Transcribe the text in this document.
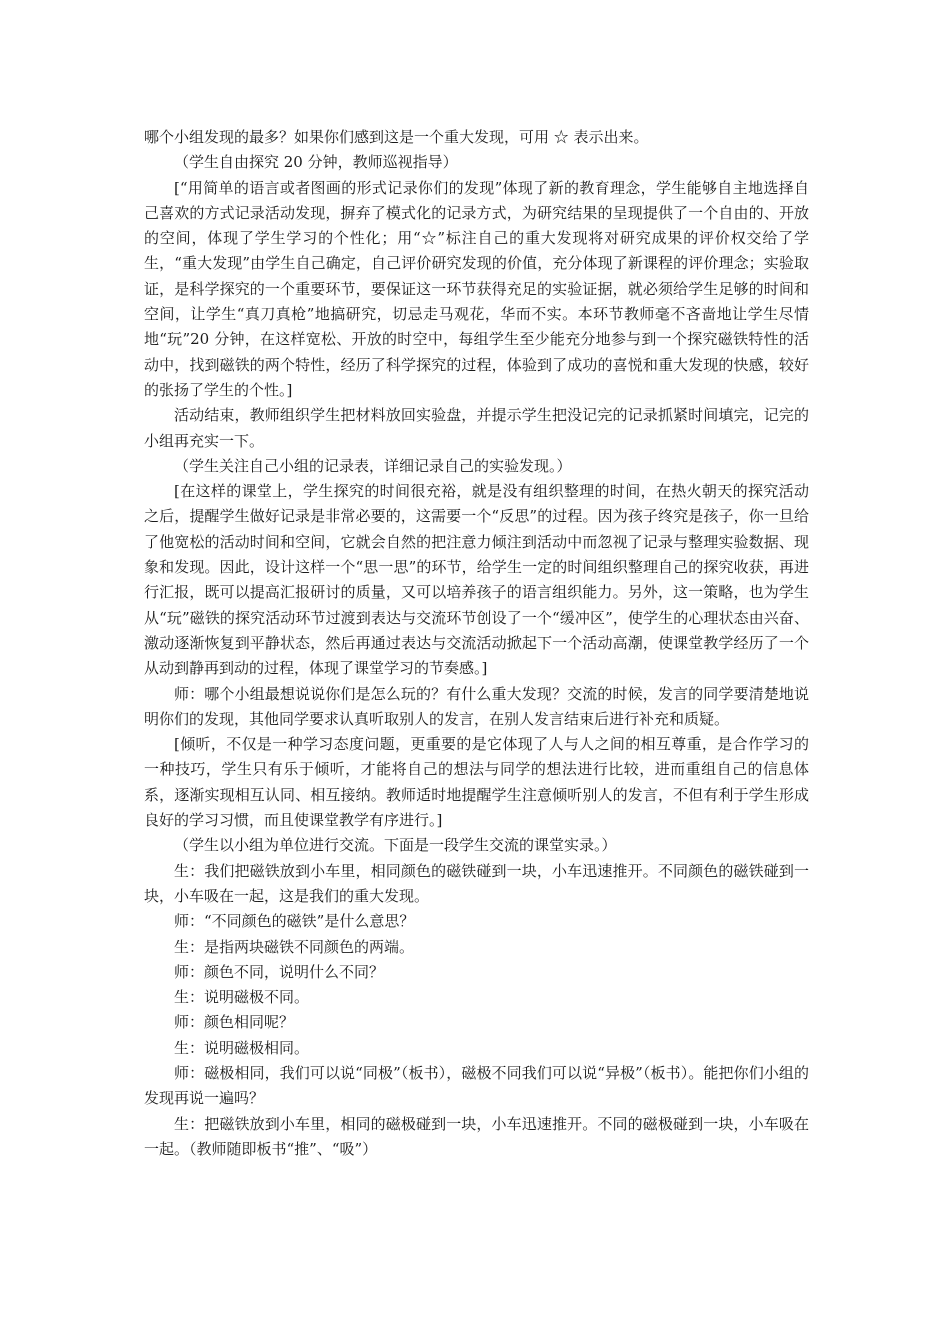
哪个小组发现的最多？如果你们感到这是一个重大发现，可用 ☆ 表示出来。

（学生自由探究 20 分钟，教师巡视指导）

[“用简单的语言或者图画的形式记录你们的发现”体现了新的教育理念，学生能够自主地选择自己喜欢的方式记录活动发现，摒弃了模式化的记录方式，为研究结果的呈现提供了一个自由的、开放的空间，体现了学生学习的个性化；用“☆”标注自己的重大发现将对研究成果的评价权交给了学生，“重大发现”由学生自己确定，自己评价研究发现的价值，充分体现了新课程的评价理念；实验取证，是科学探究的一个重要环节，要保证这一环节获得充足的实验证据，就必须给学生足够的时间和空间，让学生“真刀真枪”地搞研究，切忌走马观花，华而不实。本环节教师毫不吝啬地让学生尽情地“玩”20 分钟，在这样宽松、开放的时空中，每组学生至少能充分地参与到一个探究磁铁特性的活动中，找到磁铁的两个特性，经历了科学探究的过程，体验到了成功的喜悦和重大发现的快感，较好的张扬了学生的个性。]

活动结束，教师组织学生把材料放回实验盘，并提示学生把没记完的记录抓紧时间填完，记完的小组再充实一下。

（学生关注自己小组的记录表，详细记录自己的实验发现。）

[在这样的课堂上，学生探究的时间很充裕，就是没有组织整理的时间，在热火朝天的探究活动之后，提醒学生做好记录是非常必要的，这需要一个“反思”的过程。因为孩子终究是孩子，你一旦给了他宽松的活动时间和空间，它就会自然的把注意力倾注到活动中而忽视了记录与整理实验数据、现象和发现。因此，设计这样一个“思一思”的环节，给学生一定的时间组织整理自己的探究收获，再进行汇报，既可以提高汇报研讨的质量，又可以培养孩子的语言组织能力。另外，这一策略，也为学生从“玩”磁铁的探究活动环节过渡到表达与交流环节创设了一个“缓冲区”，使学生的心理状态由兴奋、激动逐渐恢复到平静状态，然后再通过表达与交流活动掀起下一个活动高潮，使课堂教学经历了一个从动到静再到动的过程，体现了课堂学习的节奏感。]

师：哪个小组最想说说你们是怎么玩的？有什么重大发现？交流的时候，发言的同学要清楚地说明你们的发现，其他同学要求认真听取别人的发言，在别人发言结束后进行补充和质疑。

[倾听，不仅是一种学习态度问题，更重要的是它体现了人与人之间的相互尊重，是合作学习的一种技巧，学生只有乐于倾听，才能将自己的想法与同学的想法进行比较，进而重组自己的信息体系，逐渐实现相互认同、相互接纳。教师适时地提醒学生注意倾听别人的发言，不但有利于学生形成良好的学习习惯，而且使课堂教学有序进行。]

（学生以小组为单位进行交流。下面是一段学生交流的课堂实录。）

生：我们把磁铁放到小车里，相同颜色的磁铁碰到一块，小车迅速推开。不同颜色的磁铁碰到一块，小车吸在一起，这是我们的重大发现。

师：“不同颜色的磁铁”是什么意思？

生：是指两块磁铁不同颜色的两端。

师：颜色不同，说明什么不同？

生：说明磁极不同。

师：颜色相同呢？

生：说明磁极相同。

师：磁极相同，我们可以说“同极”（板书），磁极不同我们可以说“异极”（板书）。能把你们小组的发现再说一遍吗？

生：把磁铁放到小车里，相同的磁极碰到一块，小车迅速推开。不同的磁极碰到一块，小车吸在一起。（教师随即板书“推”、“吸”）
